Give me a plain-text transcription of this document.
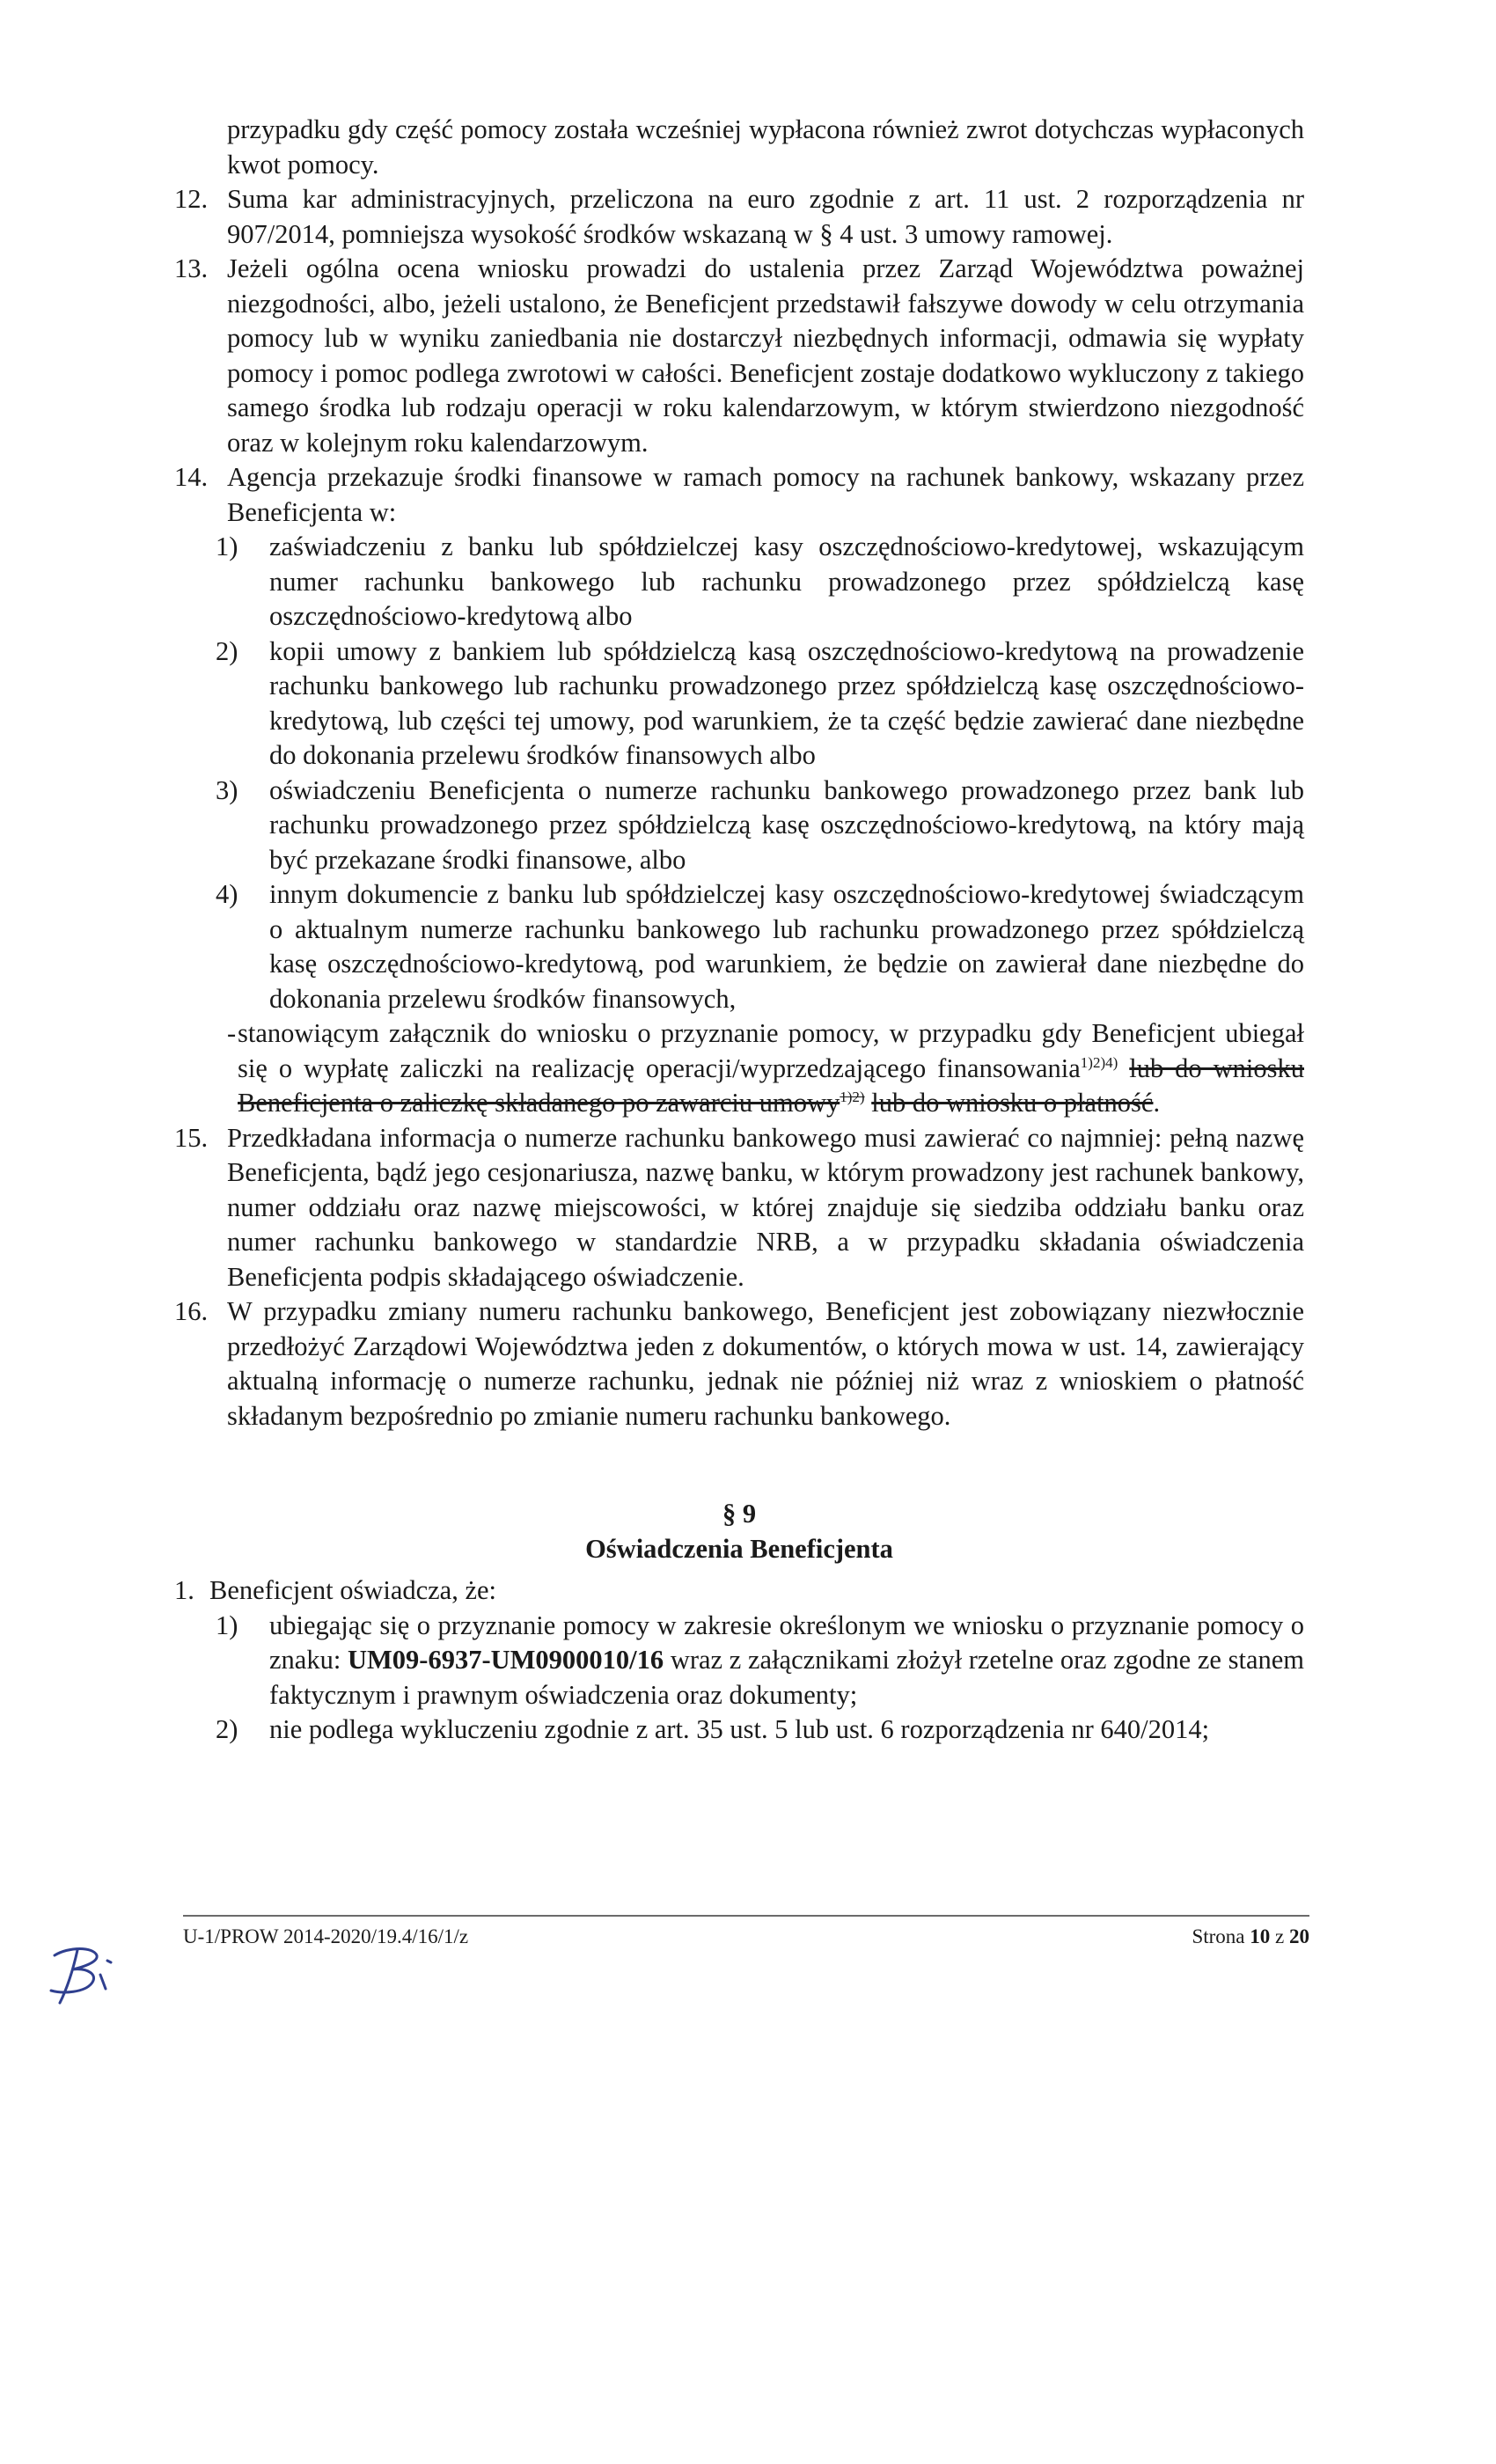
przypadku gdy część pomocy została wcześniej wypłacona również zwrot dotychczas wypłaconych kwot pomocy.

12. Suma kar administracyjnych, przeliczona na euro zgodnie z art. 11 ust. 2 rozporządzenia nr 907/2014, pomniejsza wysokość środków wskazaną w § 4 ust. 3 umowy ramowej.

13. Jeżeli ogólna ocena wniosku prowadzi do ustalenia przez Zarząd Województwa poważnej niezgodności, albo, jeżeli ustalono, że Beneficjent przedstawił fałszywe dowody w celu otrzymania pomocy lub w wyniku zaniedbania nie dostarczył niezbędnych informacji, odmawia się wypłaty pomocy i pomoc podlega zwrotowi w całości. Beneficjent zostaje dodatkowo wykluczony z takiego samego środka lub rodzaju operacji w roku kalendarzowym, w którym stwierdzono niezgodność oraz w kolejnym roku kalendarzowym.

14. Agencja przekazuje środki finansowe w ramach pomocy na rachunek bankowy, wskazany przez Beneficjenta w:

1) zaświadczeniu z banku lub spółdzielczej kasy oszczędnościowo-kredytowej, wskazującym numer rachunku bankowego lub rachunku prowadzonego przez spółdzielczą kasę oszczędnościowo-kredytową albo

2) kopii umowy z bankiem lub spółdzielczą kasą oszczędnościowo-kredytową na prowadzenie rachunku bankowego lub rachunku prowadzonego przez spółdzielczą kasę oszczędnościowo-kredytową, lub części tej umowy, pod warunkiem, że ta część będzie zawierać dane niezbędne do dokonania przelewu środków finansowych albo

3) oświadczeniu Beneficjenta o numerze rachunku bankowego prowadzonego przez bank lub rachunku prowadzonego przez spółdzielczą kasę oszczędnościowo-kredytową, na który mają być przekazane środki finansowe, albo

4) innym dokumencie z banku lub spółdzielczej kasy oszczędnościowo-kredytowej świadczącym o aktualnym numerze rachunku bankowego lub rachunku prowadzonego przez spółdzielczą kasę oszczędnościowo-kredytową, pod warunkiem, że będzie on zawierał dane niezbędne do dokonania przelewu środków finansowych,

- stanowiącym załącznik do wniosku o przyznanie pomocy, w przypadku gdy Beneficjent ubiegał się o wypłatę zaliczki na realizację operacji/wyprzedzającego finansowania$^{1)2)4)}$ lub do wniosku Beneficjenta o zaliczkę składanego po zawarciu umowy$^{1)2)}$ lub do wniosku o płatność.

15. Przedkładana informacja o numerze rachunku bankowego musi zawierać co najmniej: pełną nazwę Beneficjenta, bądź jego cesjonariusza, nazwę banku, w którym prowadzony jest rachunek bankowy, numer oddziału oraz nazwę miejscowości, w której znajduje się siedziba oddziału banku oraz numer rachunku bankowego w standardzie NRB, a w przypadku składania oświadczenia Beneficjenta podpis składającego oświadczenie.

16. W przypadku zmiany numeru rachunku bankowego, Beneficjent jest zobowiązany niezwłocznie przedłożyć Zarządowi Województwa jeden z dokumentów, o których mowa w ust. 14, zawierający aktualną informację o numerze rachunku, jednak nie później niż wraz z wnioskiem o płatność składanym bezpośrednio po zmianie numeru rachunku bankowego.

§ 9

Oświadczenia Beneficjenta

1. Beneficjent oświadcza, że:

1) ubiegając się o przyznanie pomocy w zakresie określonym we wniosku o przyznanie pomocy o znaku: UM09-6937-UM0900010/16 wraz z załącznikami złożył rzetelne oraz zgodne ze stanem faktycznym i prawnym oświadczenia oraz dokumenty;

2) nie podlega wykluczeniu zgodnie z art. 35 ust. 5 lub ust. 6 rozporządzenia nr 640/2014;

U-1/PROW 2014-2020/19.4/16/1/z	Strona 10 z 20
